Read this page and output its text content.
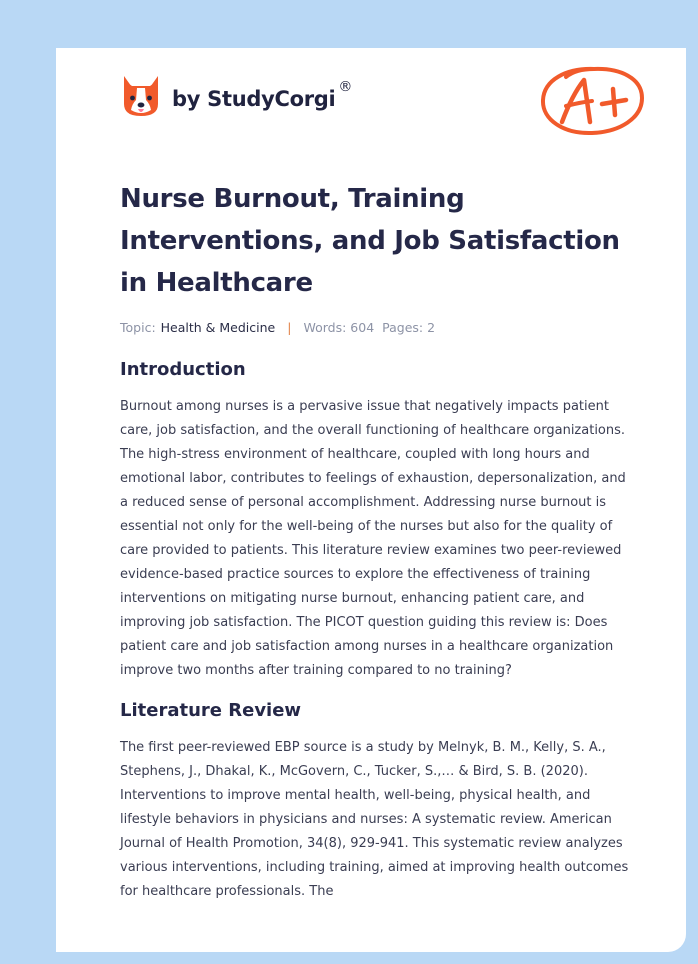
by StudyCorgi ®
Nurse Burnout, Training Interventions, and Job Satisfaction in Healthcare
Topic: Health & Medicine | Words: 604 Pages: 2
Introduction

Burnout among nurses is a pervasive issue that negatively impacts patient care, job satisfaction, and the overall functioning of healthcare organizations. The high-stress environment of healthcare, coupled with long hours and emotional labor, contributes to feelings of exhaustion, depersonalization, and a reduced sense of personal accomplishment. Addressing nurse burnout is essential not only for the well-being of the nurses but also for the quality of care provided to patients. This literature review examines two peer-reviewed evidence-based practice sources to explore the effectiveness of training interventions on mitigating nurse burnout, enhancing patient care, and improving job satisfaction. The PICOT question guiding this review is: Does patient care and job satisfaction among nurses in a healthcare organization improve two months after training compared to no training?

Literature Review

The first peer-reviewed EBP source is a study by Melnyk, B. M., Kelly, S. A., Stephens, J., Dhakal, K., McGovern, C., Tucker, S.,… & Bird, S. B. (2020). Interventions to improve mental health, well-being, physical health, and lifestyle behaviors in physicians and nurses: A systematic review. American Journal of Health Promotion, 34(8), 929-941. This systematic review analyzes various interventions, including training, aimed at improving health outcomes for healthcare professionals. The
